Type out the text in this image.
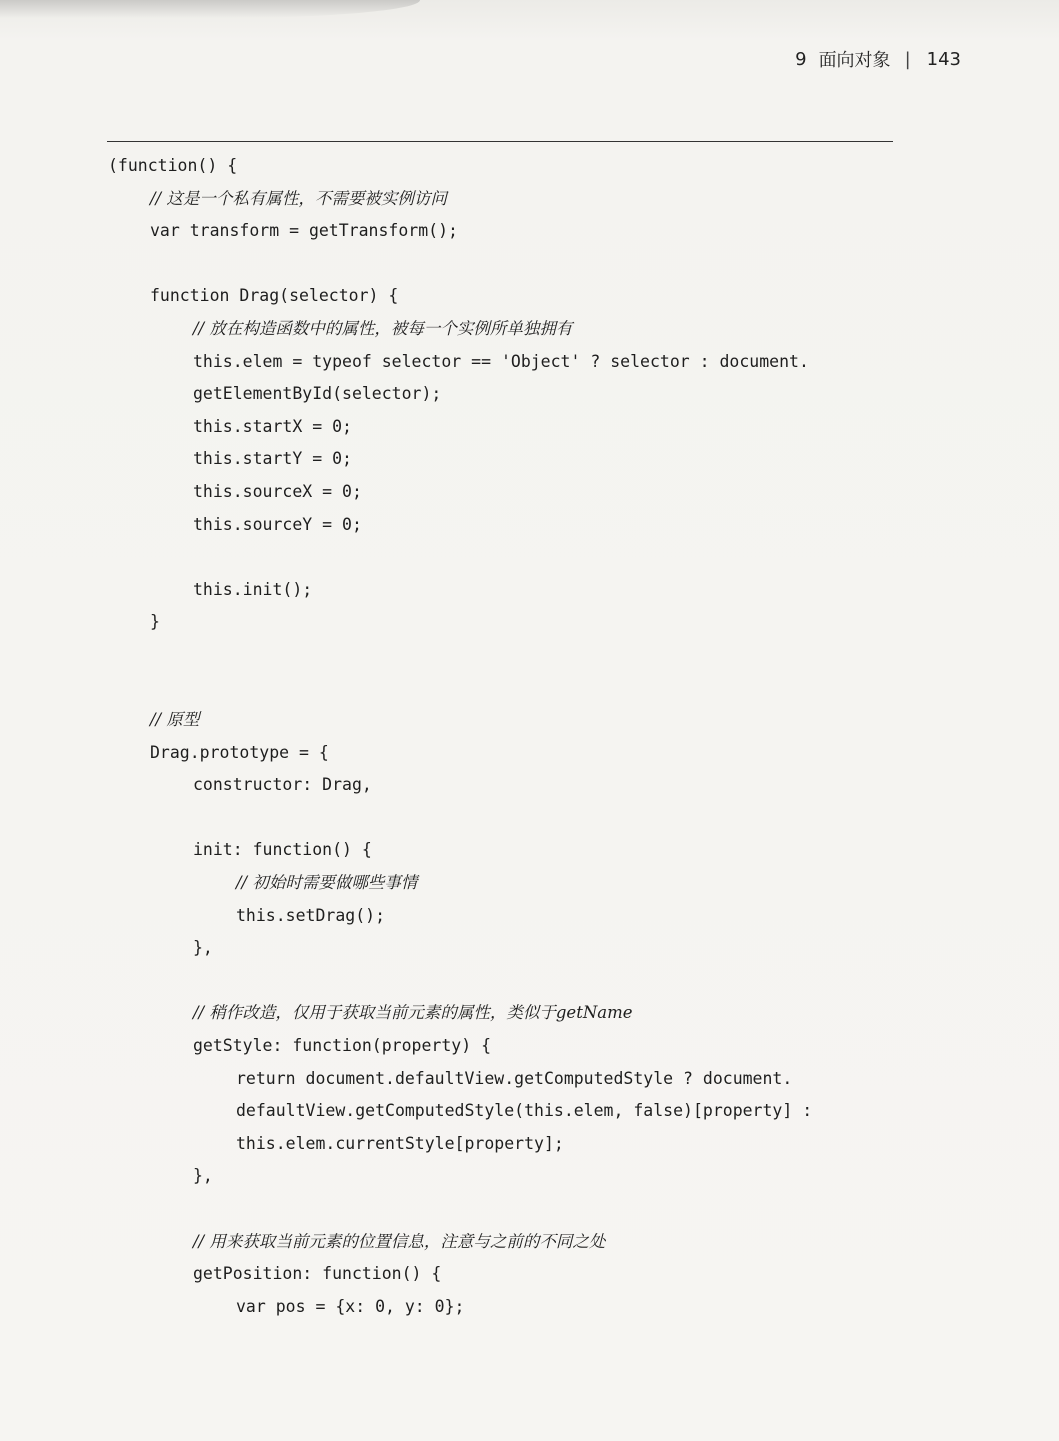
9 面向对象 | 143
(function() {
// 这是一个私有属性，不需要被实例访问
var transform = getTransform();
function Drag(selector) {
// 放在构造函数中的属性，被每一个实例所单独拥有
this.elem = typeof selector == 'Object' ? selector : document.
getElementById(selector);
this.startX = 0;
this.startY = 0;
this.sourceX = 0;
this.sourceY = 0;
this.init();
}
// 原型
Drag.prototype = {
constructor: Drag,
init: function() {
// 初始时需要做哪些事情
this.setDrag();
},
// 稍作改造，仅用于获取当前元素的属性，类似于getName
getStyle: function(property) {
return document.defaultView.getComputedStyle ? document.
defaultView.getComputedStyle(this.elem, false)[property] :
this.elem.currentStyle[property];
},
// 用来获取当前元素的位置信息，注意与之前的不同之处
getPosition: function() {
var pos = {x: 0, y: 0};
